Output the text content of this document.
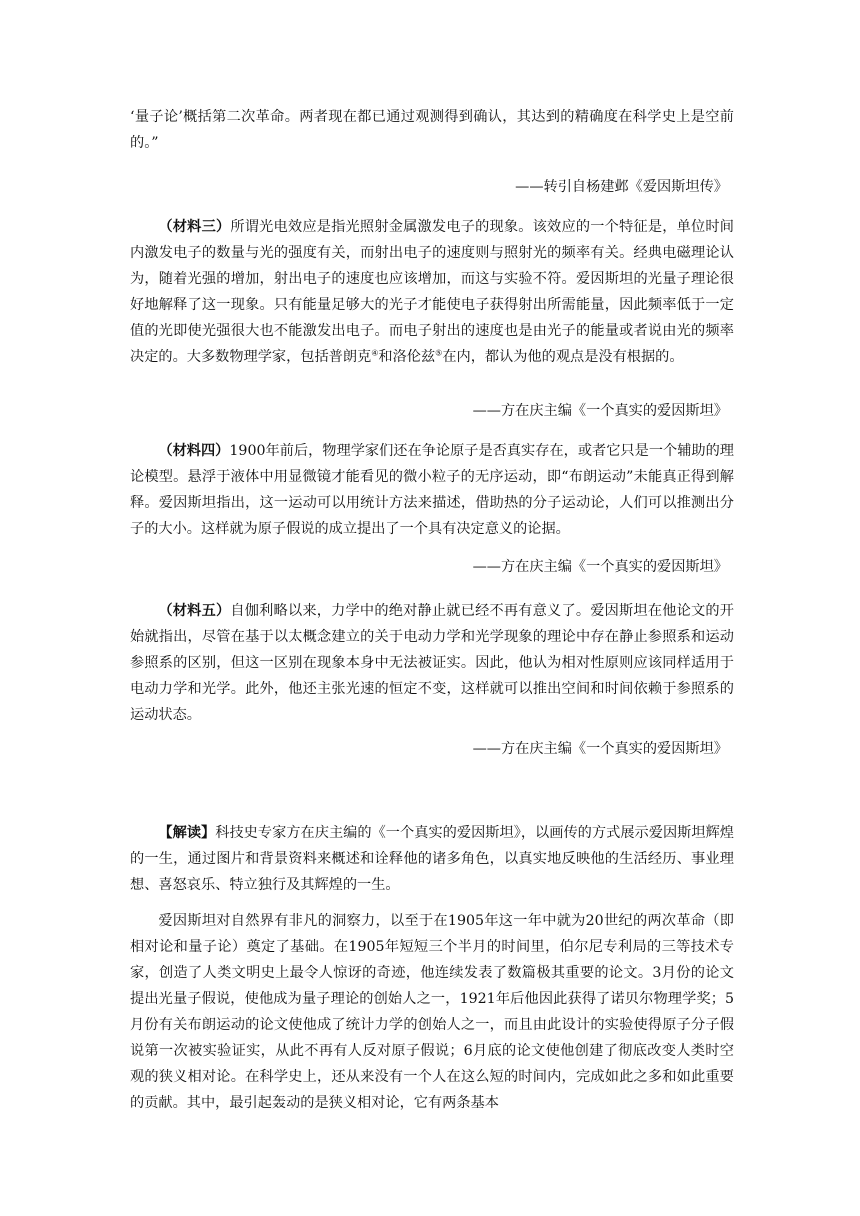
‘量子论’概括第二次革命。两者现在都已通过观测得到确认，其达到的精确度在科学史上是空前的。”

——转引自杨建邺《爱因斯坦传》

（材料三）所谓光电效应是指光照射金属激发电子的现象。该效应的一个特征是，单位时间内激发电子的数量与光的强度有关，而射出电子的速度则与照射光的频率有关。经典电磁理论认为，随着光强的增加，射出电子的速度也应该增加，而这与实验不符。爱因斯坦的光量子理论很好地解释了这一现象。只有能量足够大的光子才能使电子获得射出所需能量，因此频率低于一定值的光即使光强很大也不能激发出电子。而电子射出的速度也是由光子的能量或者说由光的频率决定的。大多数物理学家，包括普朗克④和洛伦兹⑤在内，都认为他的观点是没有根据的。

——方在庆主编《一个真实的爱因斯坦》

（材料四）1900年前后，物理学家们还在争论原子是否真实存在，或者它只是一个辅助的理论模型。悬浮于液体中用显微镜才能看见的微小粒子的无序运动，即“布朗运动”未能真正得到解释。爱因斯坦指出，这一运动可以用统计方法来描述，借助热的分子运动论，人们可以推测出分子的大小。这样就为原子假说的成立提出了一个具有决定意义的论据。

——方在庆主编《一个真实的爱因斯坦》

（材料五）自伽利略以来，力学中的绝对静止就已经不再有意义了。爱因斯坦在他论文的开始就指出，尽管在基于以太概念建立的关于电动力学和光学现象的理论中存在静止参照系和运动参照系的区别，但这一区别在现象本身中无法被证实。因此，他认为相对性原则应该同样适用于电动力学和光学。此外，他还主张光速的恒定不变，这样就可以推出空间和时间依赖于参照系的运动状态。

——方在庆主编《一个真实的爱因斯坦》

【解读】科技史专家方在庆主编的《一个真实的爱因斯坦》，以画传的方式展示爱因斯坦辉煌的一生，通过图片和背景资料来概述和诠释他的诸多角色，以真实地反映他的生活经历、事业理想、喜怒哀乐、特立独行及其辉煌的一生。

爱因斯坦对自然界有非凡的洞察力，以至于在1905年这一年中就为20世纪的两次革命（即相对论和量子论）奠定了基础。在1905年短短三个半月的时间里，伯尔尼专利局的三等技术专家，创造了人类文明史上最令人惊讶的奇迹，他连续发表了数篇极其重要的论文。3月份的论文提出光量子假说，使他成为量子理论的创始人之一，1921年后他因此获得了诺贝尔物理学奖；5月份有关布朗运动的论文使他成了统计力学的创始人之一，而且由此设计的实验使得原子分子假说第一次被实验证实，从此不再有人反对原子假说；6月底的论文使他创建了彻底改变人类时空观的狭义相对论。在科学史上，还从来没有一个人在这么短的时间内，完成如此之多和如此重要的贡献。其中，最引起轰动的是狭义相对论，它有两条基本
